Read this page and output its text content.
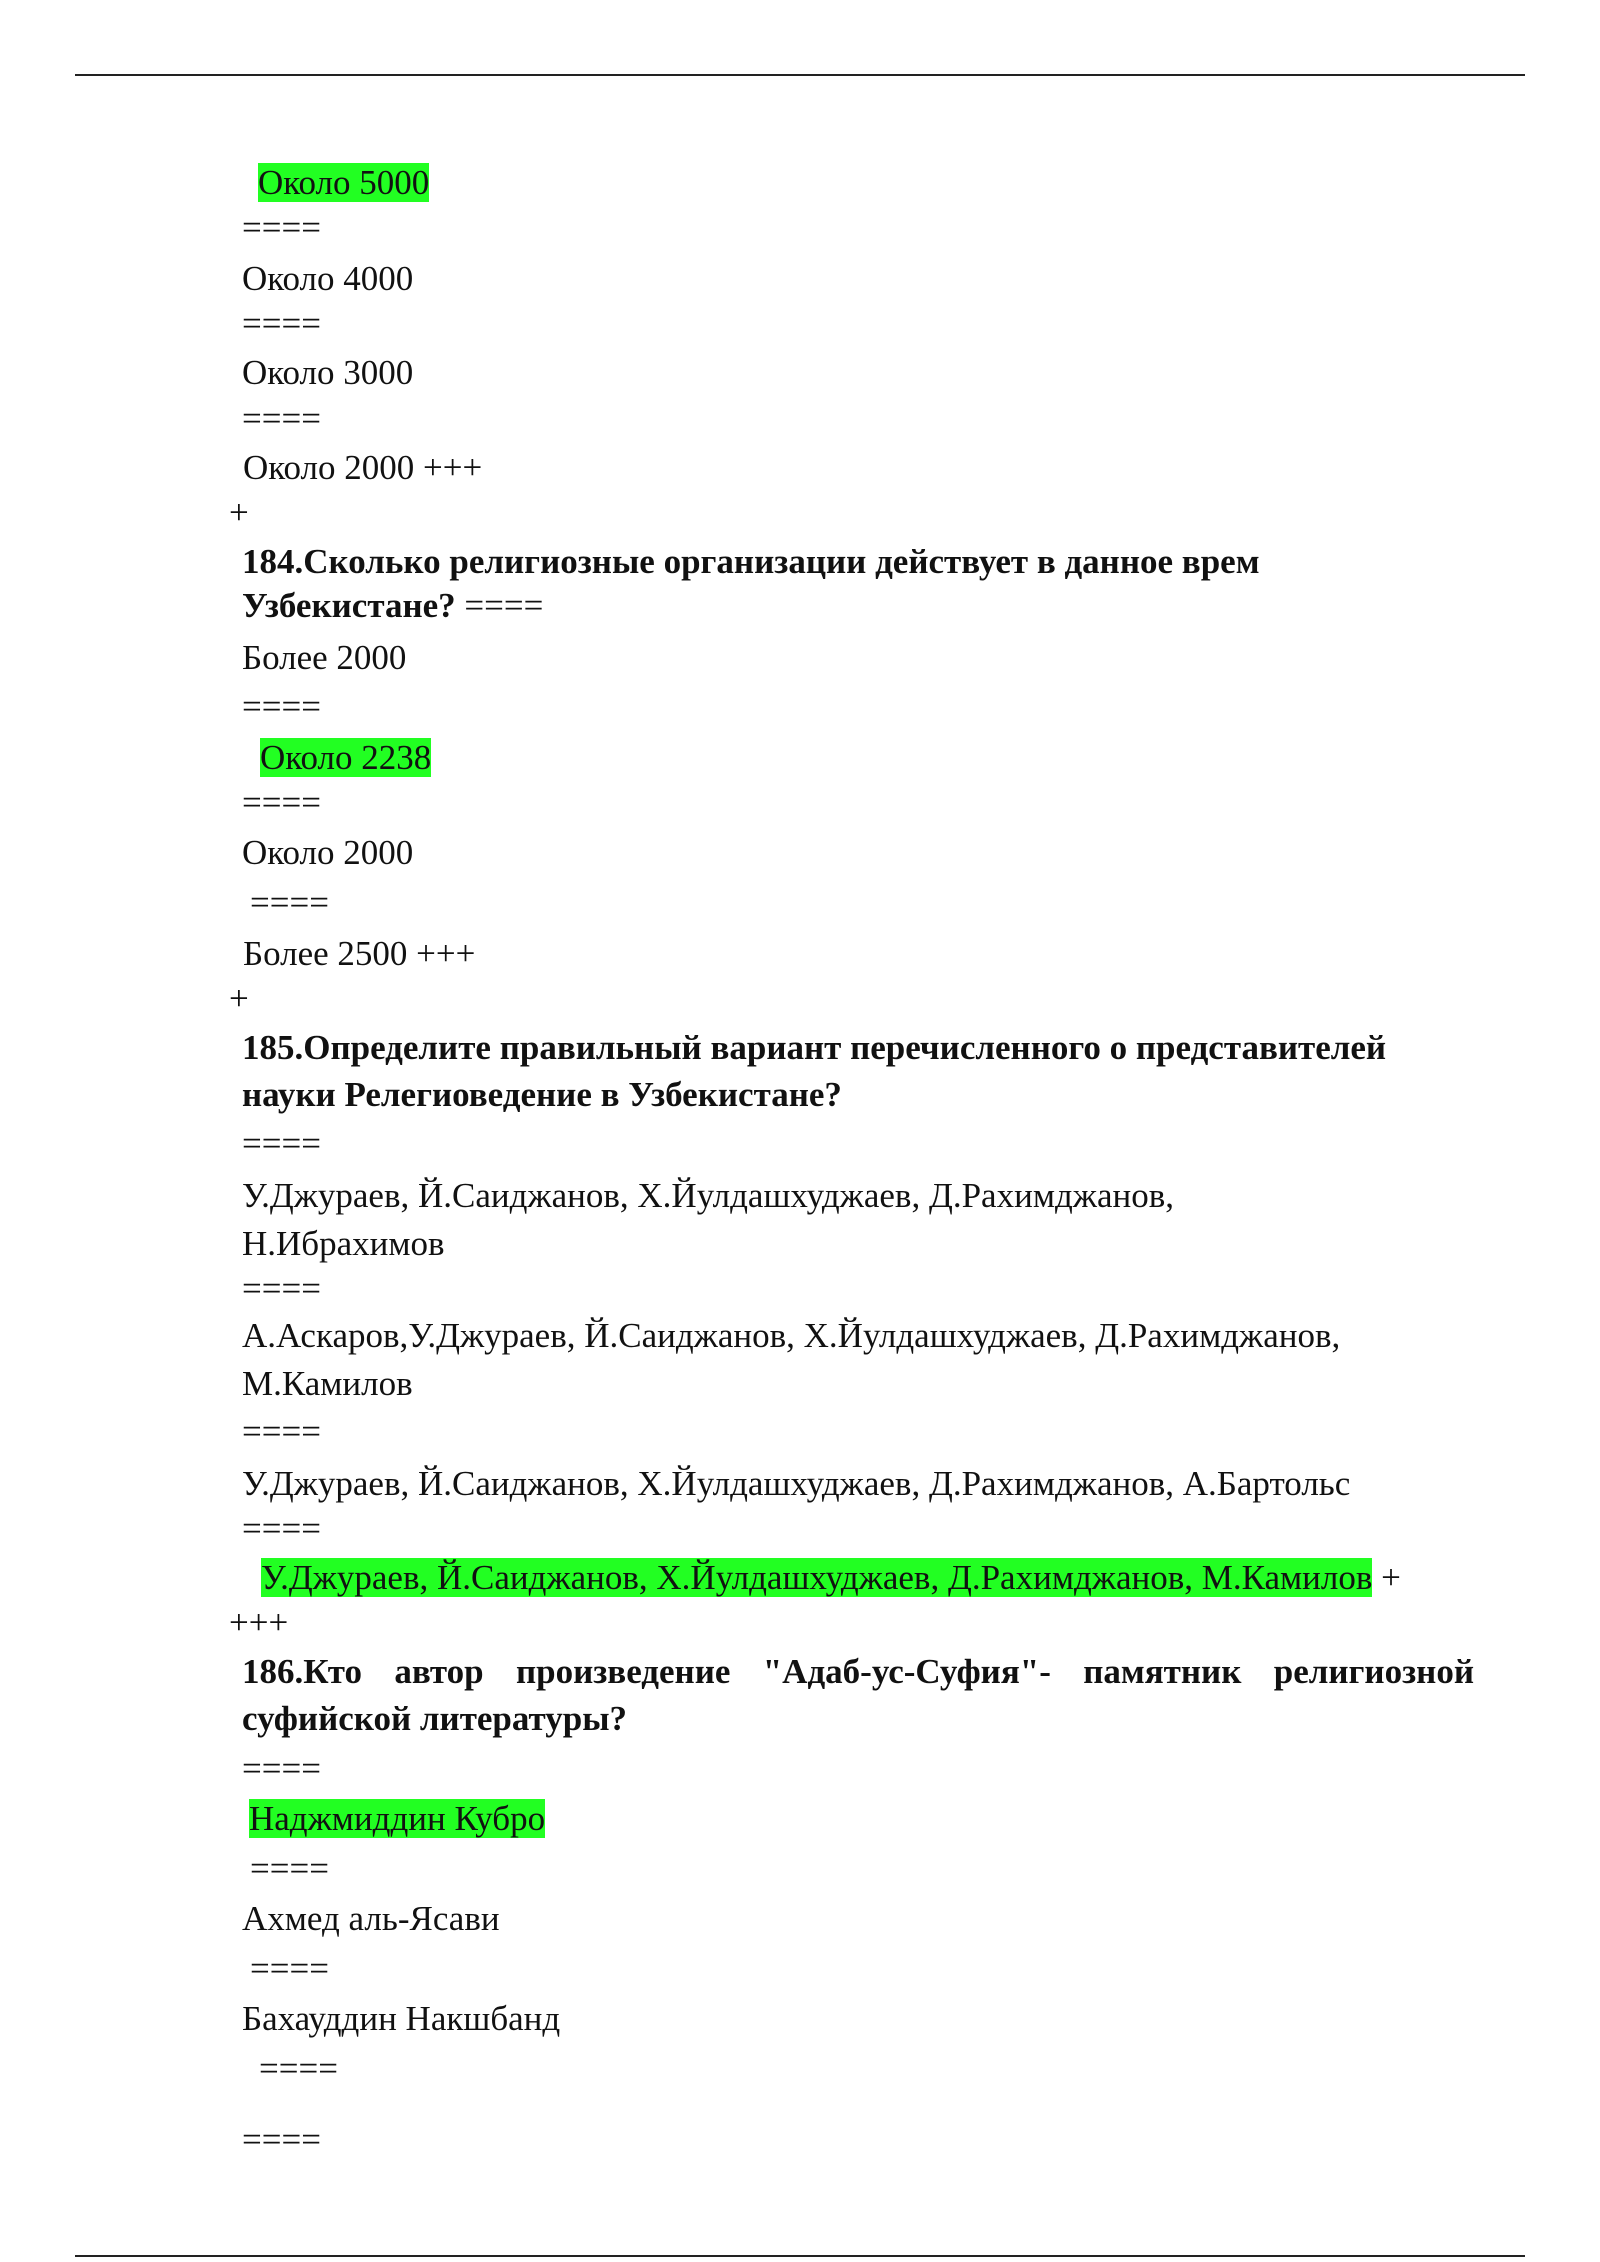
Около 5000
====
Около 4000
====
Около 3000
====
Около 2000 +++
+
184.Сколько религиозные организации действует в данное врем
Узбекистане? ====
Более 2000
====
Около 2238
====
Около 2000
====
Более 2500 +++
+
185.Определите правильный вариант перечисленного о представителей
науки Релегиоведение в Узбекистане?
====
У.Джураев, Й.Саиджанов, Х.Йулдашхуджаев, Д.Рахимджанов,
Н.Ибрахимов
====
А.Аскаров,У.Джураев, Й.Саиджанов, Х.Йулдашхуджаев, Д.Рахимджанов,
М.Камилов
====
У.Джураев, Й.Саиджанов, Х.Йулдашхуджаев, Д.Рахимджанов, А.Бартольс
====
У.Джураев, Й.Саиджанов, Х.Йулдашхуджаев, Д.Рахимджанов, М.Камилов +
+++
186.Кто автор произведение "Адаб-ус-Суфия"- памятник религиозной
суфийской литературы?
====
Наджмиддин Кубро
====
Ахмед аль-Ясави
====
Бахауддин Накшбанд
====
====
